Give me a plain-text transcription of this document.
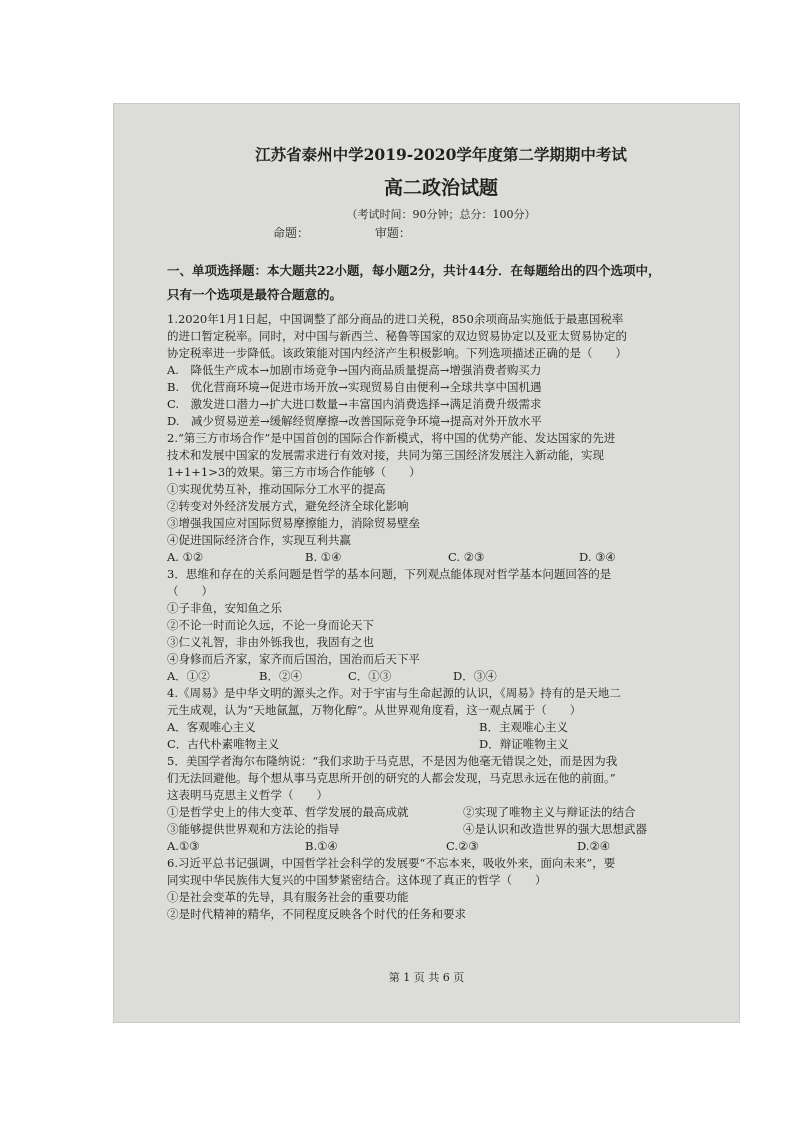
江苏省泰州中学2019-2020学年度第二学期期中考试
高二政治试题
（考试时间：90分钟；总分：100分）
命题：	审题：
一、单项选择题：本大题共22小题，每小题2分，共计44分．在每题给出的四个选项中，
只有一个选项是最符合题意的。

1.2020年1月1日起，中国调整了部分商品的进口关税，850余项商品实施低于最惠国税率

的进口暂定税率。同时，对中国与新西兰、秘鲁等国家的双边贸易协定以及亚太贸易协定的

协定税率进一步降低。该政策能对国内经济产生积极影响。下列选项描述正确的是（　　）

A.　降低生产成本→加剧市场竞争→国内商品质量提高→增强消费者购买力

B.　优化营商环境→促进市场开放→实现贸易自由便利→全球共享中国机遇

C.　激发进口潜力→扩大进口数量→丰富国内消费选择→满足消费升级需求

D.　减少贸易逆差→缓解经贸摩擦→改善国际竞争环境→提高对外开放水平

2.“第三方市场合作”是中国首创的国际合作新模式，将中国的优势产能、发达国家的先进

技术和发展中国家的发展需求进行有效对接，共同为第三国经济发展注入新动能，实现

1+1+1>3的效果。第三方市场合作能够（　　）

①实现优势互补，推动国际分工水平的提高

②转变对外经济发展方式，避免经济全球化影响

③增强我国应对国际贸易摩擦能力，消除贸易壁垒

④促进国际经济合作，实现互利共赢

A. ①②	B. ①④	C. ②③	D. ③④

3．思维和存在的关系问题是哲学的基本问题，下列观点能体现对哲学基本问题回答的是

（　　）

①子非鱼，安知鱼之乐

②不论一时而论久远，不论一身而论天下

③仁义礼智，非由外铄我也，我固有之也

④身修而后齐家，家齐而后国治，国治而后天下平

A．①②	B．②④	C．①③	D．③④

4.《周易》是中华文明的源头之作。对于宇宙与生命起源的认识，《周易》持有的是天地二

元生成观，认为“天地氤氲，万物化醇”。从世界观角度看，这一观点属于（　　）

A．客观唯心主义	B．主观唯心主义
C．古代朴素唯物主义	D．辩证唯物主义

5．美国学者海尔布隆纳说：“我们求助于马克思，不是因为他毫无错误之处，而是因为我

们无法回避他。每个想从事马克思所开创的研究的人都会发现，马克思永远在他的前面。”

这表明马克思主义哲学（　　）

①是哲学史上的伟大变革、哲学发展的最高成就	②实现了唯物主义与辩证法的结合
③能够提供世界观和方法论的指导	④是认识和改造世界的强大思想武器
A.①③	B.①④	C.②③	D.②④

6.习近平总书记强调，中国哲学社会科学的发展要“不忘本来，吸收外来，面向未来”，要

同实现中华民族伟大复兴的中国梦紧密结合。这体现了真正的哲学（　　）

①是社会变革的先导，具有服务社会的重要功能

②是时代精神的精华，不同程度反映各个时代的任务和要求

第 1 页 共 6 页
